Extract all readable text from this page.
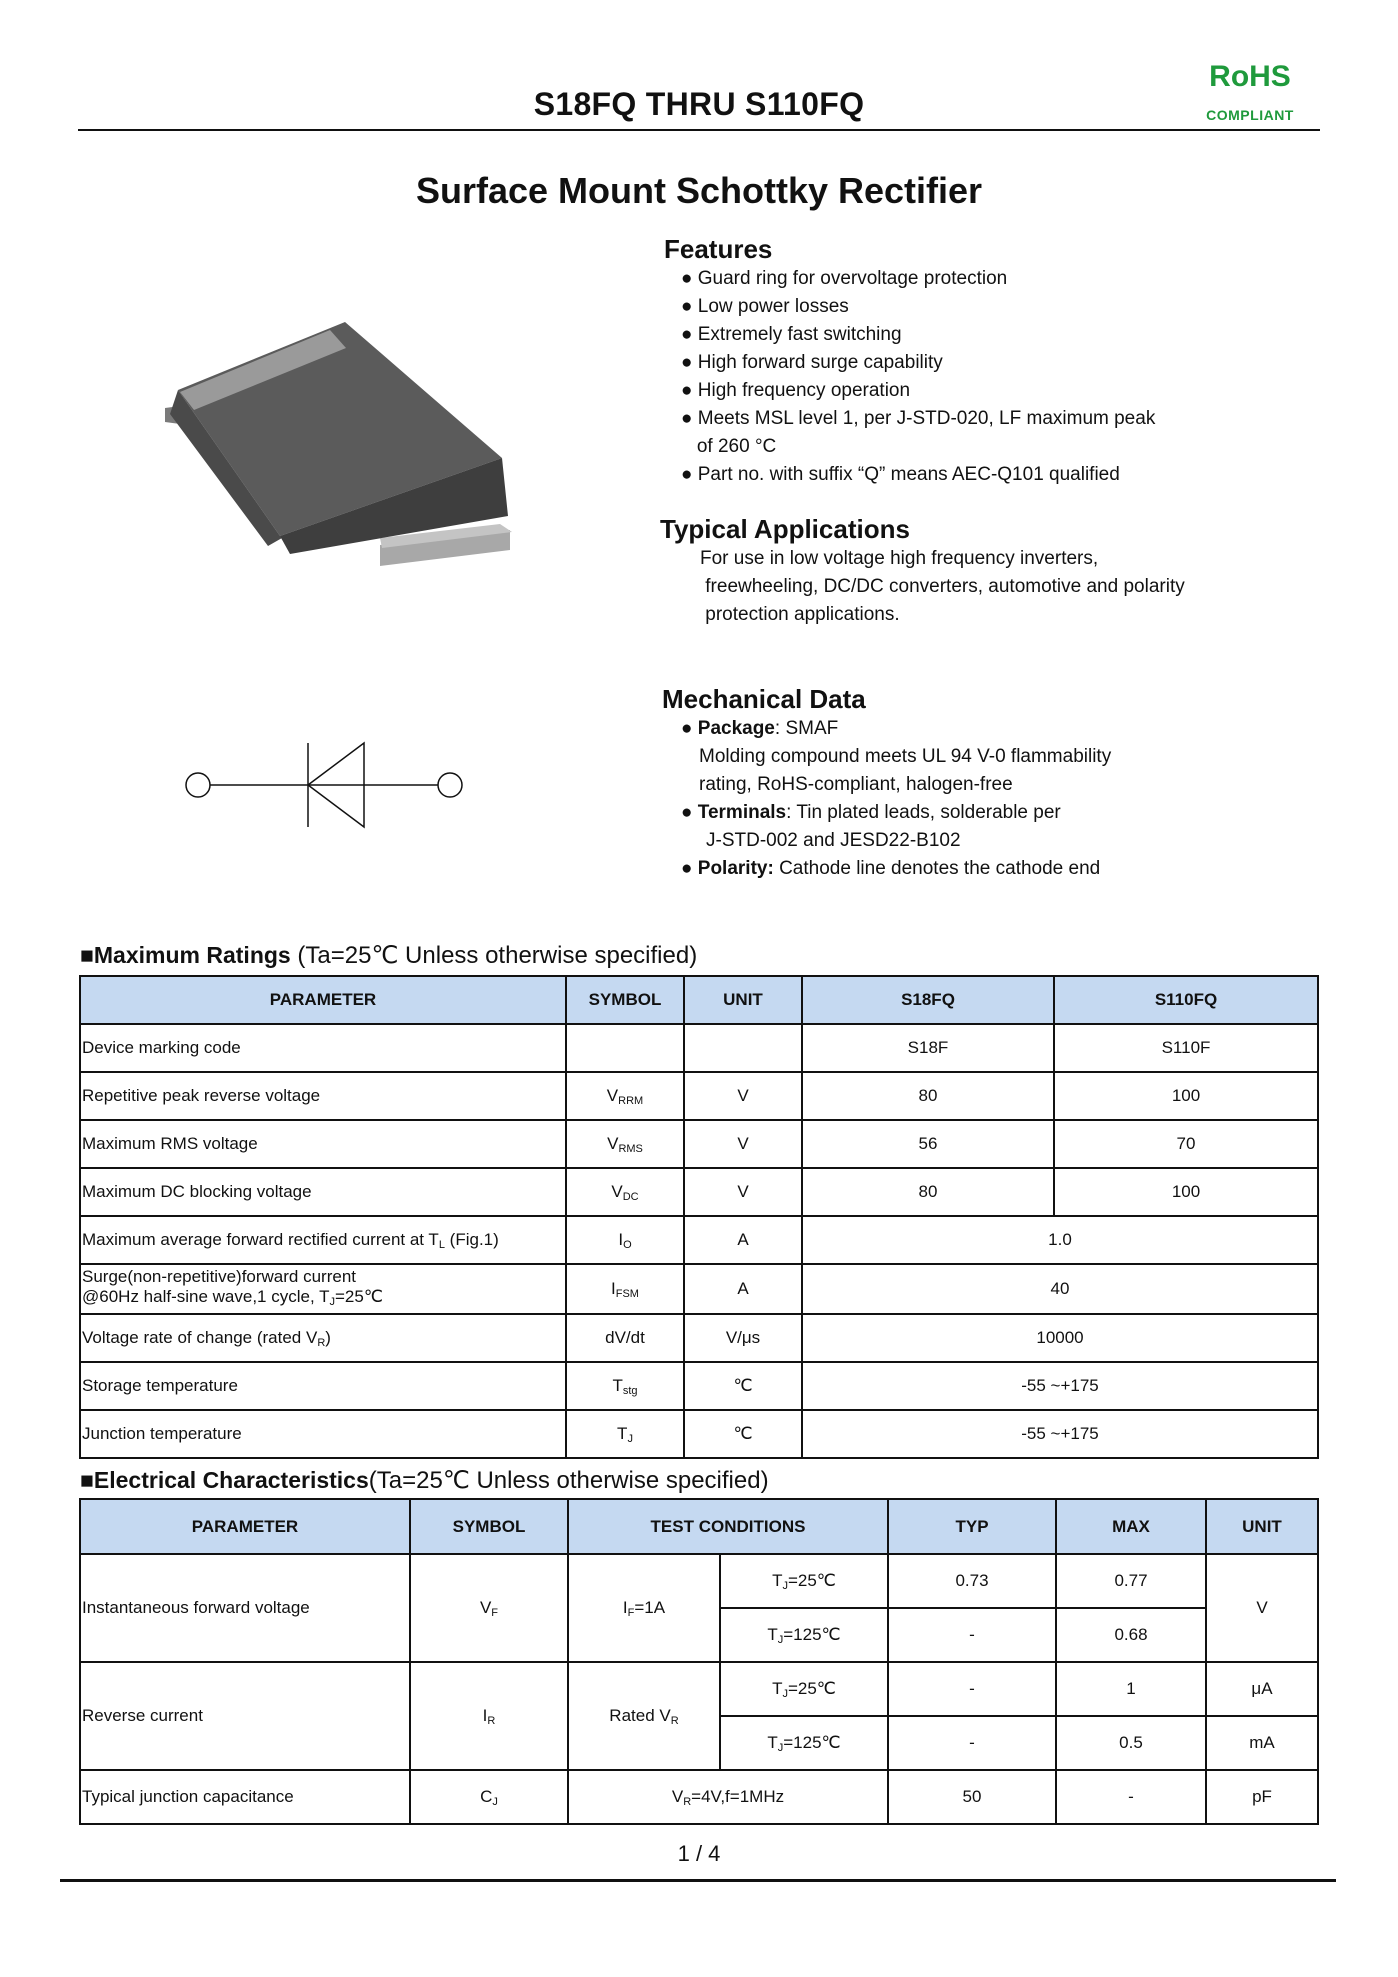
S18FQ THRU S110FQ
RoHS
COMPLIANT
Surface Mount Schottky Rectifier
Features
● Guard ring for overvoltage protection
● Low power losses
● Extremely fast switching
● High forward surge capability
● High frequency operation
● Meets MSL level 1, per J-STD-020, LF maximum peak
of 260 °C
● Part no. with suffix “Q” means AEC-Q101 qualified
Typical Applications
For use in low voltage high frequency inverters,
freewheeling, DC/DC converters, automotive and polarity
protection applications.
Mechanical Data
● Package: SMAF
Molding compound meets UL 94 V-0 flammability
rating, RoHS-compliant, halogen-free
● Terminals: Tin plated leads, solderable per
J-STD-002 and JESD22-B102
● Polarity: Cathode line denotes the cathode end
■Maximum Ratings (Ta=25℃ Unless otherwise specified)
PARAMETER	SYMBOL	UNIT	S18FQ	S110FQ
Device marking code			S18F	S110F
Repetitive peak reverse voltage	$V_{RRM}$	V	80	100
Maximum RMS voltage	$V_{RMS}$	V	56	70
Maximum DC blocking voltage	$V_{DC}$	V	80	100
Maximum average forward rectified current at $T_L$ (Fig.1)	$I_O$	A	1.0	
Surge(non-repetitive)forward current
@60Hz half-sine wave,1 cycle, $T_J=25℃$	$I_{FSM}$	A	40	
Voltage rate of change (rated $V_R$)	dV/dt	V/μs	10000	
Storage temperature	$T_{stg}$	℃	-55 ~+175	
Junction temperature	$T_J$	℃	-55 ~+175	
■Electrical Characteristics(Ta=25℃ Unless otherwise specified)
PARAMETER	SYMBOL	TEST CONDITIONS		TYP	MAX	UNIT
Instantaneous forward voltage	$V_F$	$I_F=1A$	$T_J=25℃$	0.73	0.77	V
			$T_J=125℃$	-	0.68	
Reverse current	$I_R$	Rated $V_R$	$T_J=25℃$	-	1	μA
			$T_J=125℃$	-	0.5	mA
Typical junction capacitance	$C_J$	$V_R=4V,f=1MHz$		50	-	pF
1 / 4
